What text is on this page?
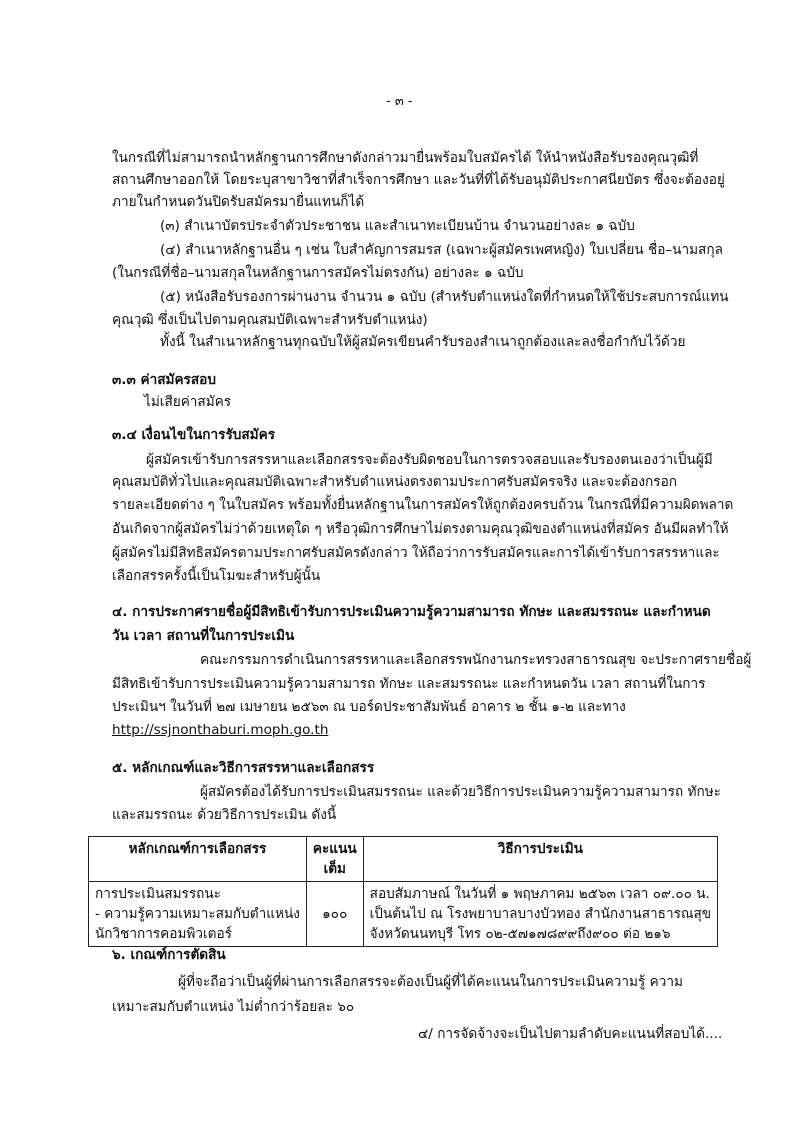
- ๓ -
ในกรณีที่ไม่สามารถนำหลักฐานการศึกษาดังกล่าวมายื่นพร้อมใบสมัครได้ ให้นำหนังสือรับรองคุณวุฒิที่
สถานศึกษาออกให้ โดยระบุสาขาวิชาที่สำเร็จการศึกษา และวันที่ที่ได้รับอนุมัติประกาศนียบัตร ซึ่งจะต้องอยู่
ภายในกำหนดวันปิดรับสมัครมายื่นแทนก็ได้
(๓) สำเนาบัตรประจำตัวประชาชน และสำเนาทะเบียนบ้าน จำนวนอย่างละ ๑ ฉบับ
(๔) สำเนาหลักฐานอื่น ๆ เช่น ใบสำคัญการสมรส (เฉพาะผู้สมัครเพศหญิง) ใบเปลี่ยน ชื่อ–นามสกุล
(ในกรณีที่ชื่อ–นามสกุลในหลักฐานการสมัครไม่ตรงกัน) อย่างละ ๑ ฉบับ
(๕) หนังสือรับรองการผ่านงาน จำนวน ๑ ฉบับ (สำหรับตำแหน่งใดที่กำหนดให้ใช้ประสบการณ์แทน
คุณวุฒิ ซึ่งเป็นไปตามคุณสมบัติเฉพาะสำหรับตำแหน่ง)
ทั้งนี้ ในสำเนาหลักฐานทุกฉบับให้ผู้สมัครเขียนคำรับรองสำเนาถูกต้องและลงชื่อกำกับไว้ด้วย
๓.๓ ค่าสมัครสอบ
ไม่เสียค่าสมัคร
๓.๔ เงื่อนไขในการรับสมัคร
ผู้สมัครเข้ารับการสรรหาและเลือกสรรจะต้องรับผิดชอบในการตรวจสอบและรับรองตนเองว่าเป็นผู้มี
คุณสมบัติทั่วไปและคุณสมบัติเฉพาะสำหรับตำแหน่งตรงตามประกาศรับสมัครจริง และจะต้องกรอก
รายละเอียดต่าง ๆ ในใบสมัคร พร้อมทั้งยื่นหลักฐานในการสมัครให้ถูกต้องครบถ้วน ในกรณีที่มีความผิดพลาด
อันเกิดจากผู้สมัครไม่ว่าด้วยเหตุใด ๆ หรือวุฒิการศึกษาไม่ตรงตามคุณวุฒิของตำแหน่งที่สมัคร อันมีผลทำให้
ผู้สมัครไม่มีสิทธิสมัครตามประกาศรับสมัครดังกล่าว ให้ถือว่าการรับสมัครและการได้เข้ารับการสรรหาและ
เลือกสรรครั้งนี้เป็นโมฆะสำหรับผู้นั้น
๔. การประกาศรายชื่อผู้มีสิทธิเข้ารับการประเมินความรู้ความสามารถ ทักษะ และสมรรถนะ และกำหนด
วัน เวลา สถานที่ในการประเมิน
คณะกรรมการดำเนินการสรรหาและเลือกสรรพนักงานกระทรวงสาธารณสุข จะประกาศรายชื่อผู้
มีสิทธิเข้ารับการประเมินความรู้ความสามารถ ทักษะ และสมรรถนะ และกำหนดวัน เวลา สถานที่ในการ
ประเมินฯ ในวันที่ ๒๗ เมษายน ๒๕๖๓ ณ บอร์ดประชาสัมพันธ์ อาคาร ๒ ชั้น ๑-๒ และทาง
http://ssjnonthaburi.moph.go.th
๕. หลักเกณฑ์และวิธีการสรรหาและเลือกสรร
ผู้สมัครต้องได้รับการประเมินสมรรถนะ และด้วยวิธีการประเมินความรู้ความสามารถ ทักษะ
และสมรรถนะ ด้วยวิธีการประเมิน ดังนี้
หลักเกณฑ์การเลือกสรร	คะแนนเต็ม	วิธีการประเมิน

การประเมินสมรรถนะ
- ความรู้ความเหมาะสมกับตำแหน่ง
นักวิชาการคอมพิวเตอร์	๑๐๐	สอบสัมภาษณ์ ในวันที่ ๑ พฤษภาคม ๒๕๖๓ เวลา ๐๙.๐๐ น.
เป็นต้นไป ณ โรงพยาบาลบางบัวทอง สำนักงานสาธารณสุข
จังหวัดนนทบุรี โทร ๐๒-๕๗๑๗๘๙๙ถึง๙๐๐ ต่อ ๒๑๖
๖. เกณฑ์การตัดสิน
ผู้ที่จะถือว่าเป็นผู้ที่ผ่านการเลือกสรรจะต้องเป็นผู้ที่ได้คะแนนในการประเมินความรู้ ความ
เหมาะสมกับตำแหน่ง ไม่ต่ำกว่าร้อยละ ๖๐
๔/ การจัดจ้างจะเป็นไปตามลำดับคะแนนที่สอบได้....
